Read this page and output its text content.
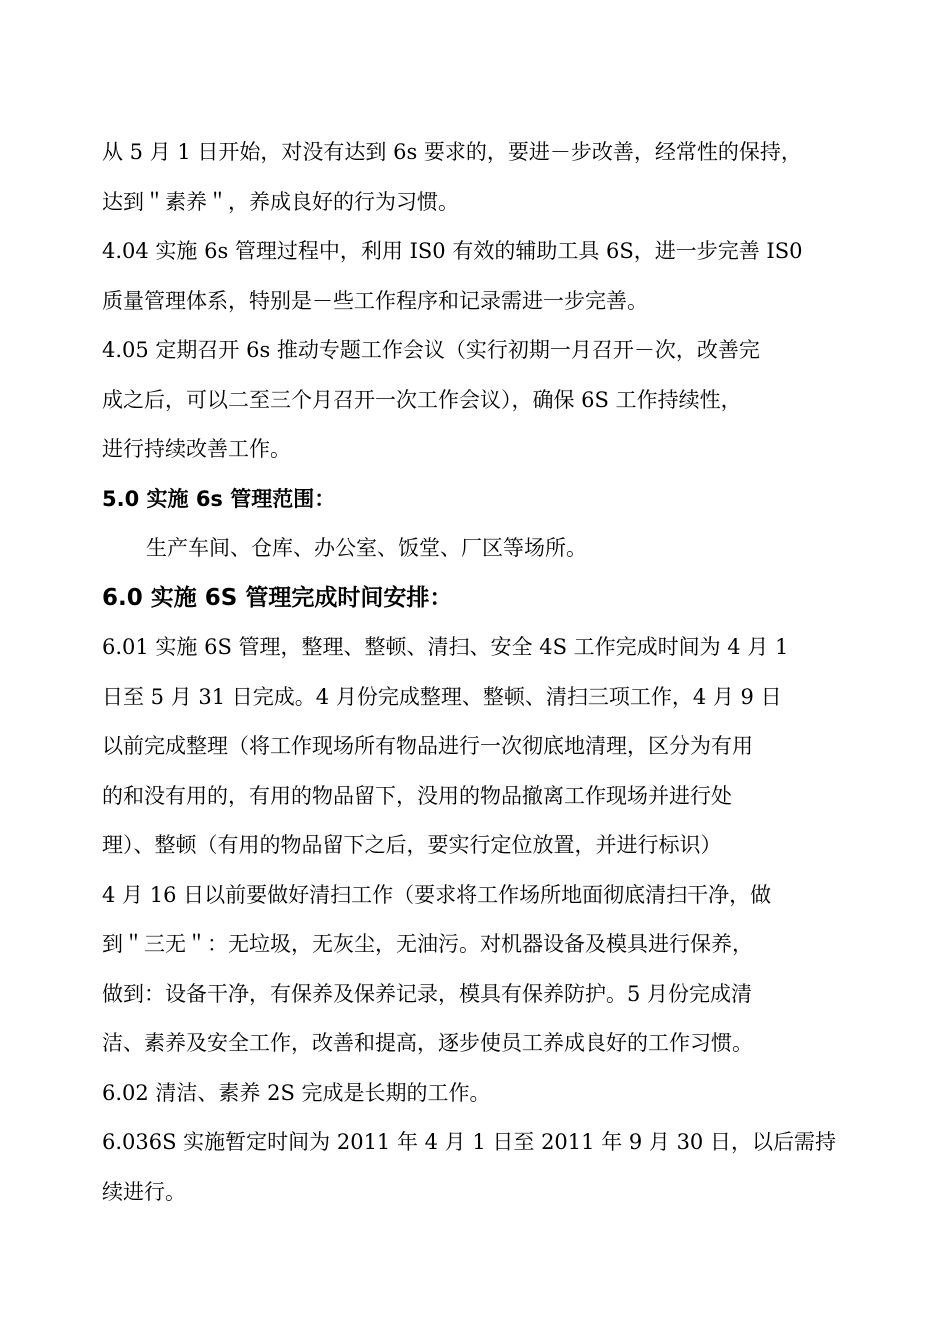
从 5 月 1 日开始，对没有达到 6s 要求的，要进－步改善，经常性的保持，
达到＂素养＂，养成良好的行为习惯。
4.04 实施 6s 管理过程中，利用 IS0 有效的辅助工具 6S，进一步完善 IS0
质量管理体系，特别是－些工作程序和记录需进一步完善。
4.05 定期召开 6s 推动专题工作会议（实行初期一月召开－次，改善完
成之后，可以二至三个月召开一次工作会议），确保 6S 工作持续性，
进行持续改善工作。
5.0 实施 6s 管理范围：
生产车间、仓库、办公室、饭堂、厂区等场所。
6.0 实施 6S 管理完成时间安排：
6.01 实施 6S 管理，整理、整顿、清扫、安全 4S 工作完成时间为 4 月 1
日至 5 月 31 日完成。4 月份完成整理、整顿、清扫三项工作，4 月 9 日
以前完成整理（将工作现场所有物品进行一次彻底地清理，区分为有用
的和没有用的，有用的物品留下，没用的物品撤离工作现场并进行处
理）、整顿（有用的物品留下之后，要实行定位放置，并进行标识）
4 月 16 日以前要做好清扫工作（要求将工作场所地面彻底清扫干净，做
到＂三无＂：无垃圾，无灰尘，无油污。对机器设备及模具进行保养，
做到：设备干净，有保养及保养记录，模具有保养防护。5 月份完成清
洁、素养及安全工作，改善和提高，逐步使员工养成良好的工作习惯。
6.02 清洁、素养 2S 完成是长期的工作。
6.036S 实施暂定时间为 2011 年 4 月 1 日至 2011 年 9 月 30 日，以后需持
续进行。
